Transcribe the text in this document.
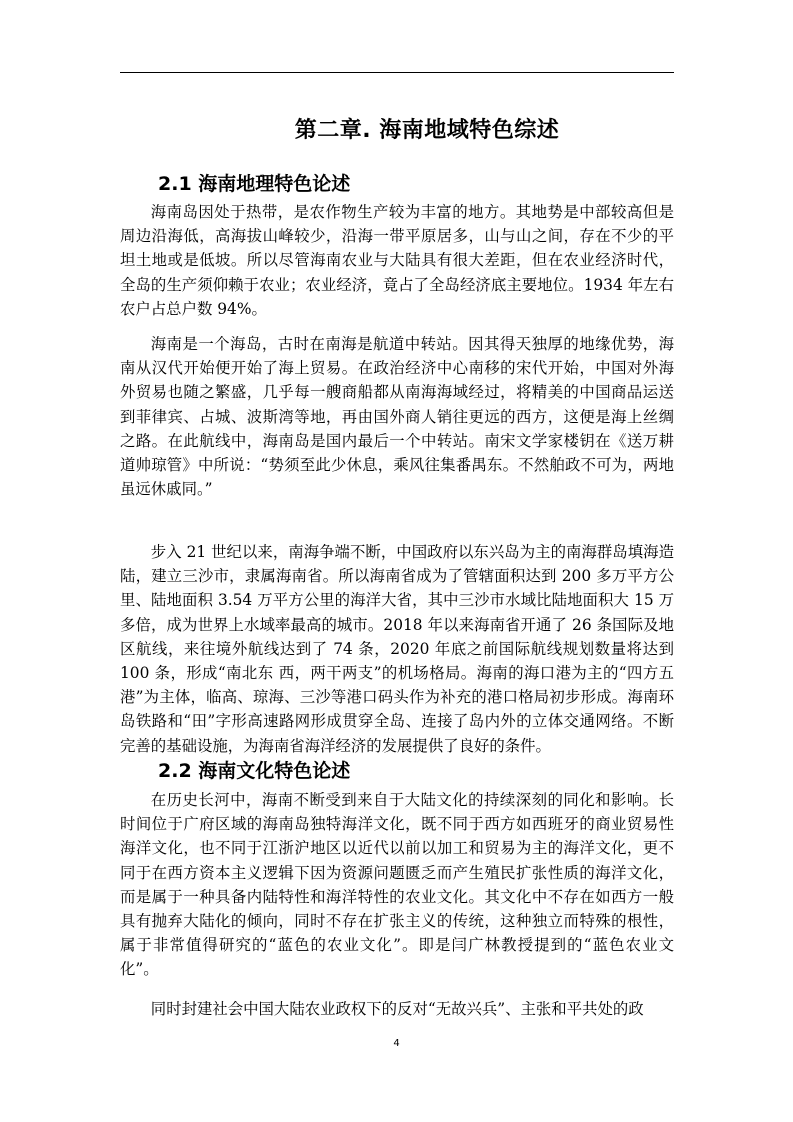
第二章. 海南地域特色综述
2.1 海南地理特色论述

海南岛因处于热带，是农作物生产较为丰富的地方。其地势是中部较高但是周边沿海低，高海拔山峰较少，沿海一带平原居多，山与山之间，存在不少的平坦土地或是低坡。所以尽管海南农业与大陆具有很大差距，但在农业经济时代，全岛的生产须仰赖于农业；农业经济，竟占了全岛经济底主要地位。1934 年左右农户占总户数 94%。

海南是一个海岛，古时在南海是航道中转站。因其得天独厚的地缘优势，海南从汉代开始便开始了海上贸易。在政治经济中心南移的宋代开始，中国对外海外贸易也随之繁盛，几乎每一艘商船都从南海海域经过，将精美的中国商品运送到菲律宾、占城、波斯湾等地，再由国外商人销往更远的西方，这便是海上丝绸之路。在此航线中，海南岛是国内最后一个中转站。南宋文学家楼钥在《送万耕道帅琼管》中所说：“势须至此少休息，乘风往集番禺东。不然舶政不可为，两地虽远休戚同。”

步入 21 世纪以来，南海争端不断，中国政府以东兴岛为主的南海群岛填海造陆，建立三沙市，隶属海南省。所以海南省成为了管辖面积达到 200 多万平方公里、陆地面积 3.54 万平方公里的海洋大省，其中三沙市水域比陆地面积大 15 万多倍，成为世界上水域率最高的城市。2018 年以来海南省开通了 26 条国际及地区航线，来往境外航线达到了 74 条，2020 年底之前国际航线规划数量将达到 100 条，形成“南北东 西，两干两支”的机场格局。海南的海口港为主的“四方五港”为主体，临高、琼海、三沙等港口码头作为补充的港口格局初步形成。海南环岛铁路和“田”字形高速路网形成贯穿全岛、连接了岛内外的立体交通网络。不断完善的基础设施，为海南省海洋经济的发展提供了良好的条件。

2.2 海南文化特色论述

在历史长河中，海南不断受到来自于大陆文化的持续深刻的同化和影响。长时间位于广府区域的海南岛独特海洋文化，既不同于西方如西班牙的商业贸易性海洋文化，也不同于江浙沪地区以近代以前以加工和贸易为主的海洋文化，更不同于在西方资本主义逻辑下因为资源问题匮乏而产生殖民扩张性质的海洋文化，而是属于一种具备内陆特性和海洋特性的农业文化。其文化中不存在如西方一般具有抛弃大陆化的倾向，同时不存在扩张主义的传统，这种独立而特殊的根性，属于非常值得研究的“蓝色的农业文化”。即是闫广林教授提到的“蓝色农业文化”。

同时封建社会中国大陆农业政权下的反对“无故兴兵”、主张和平共处的政

4
